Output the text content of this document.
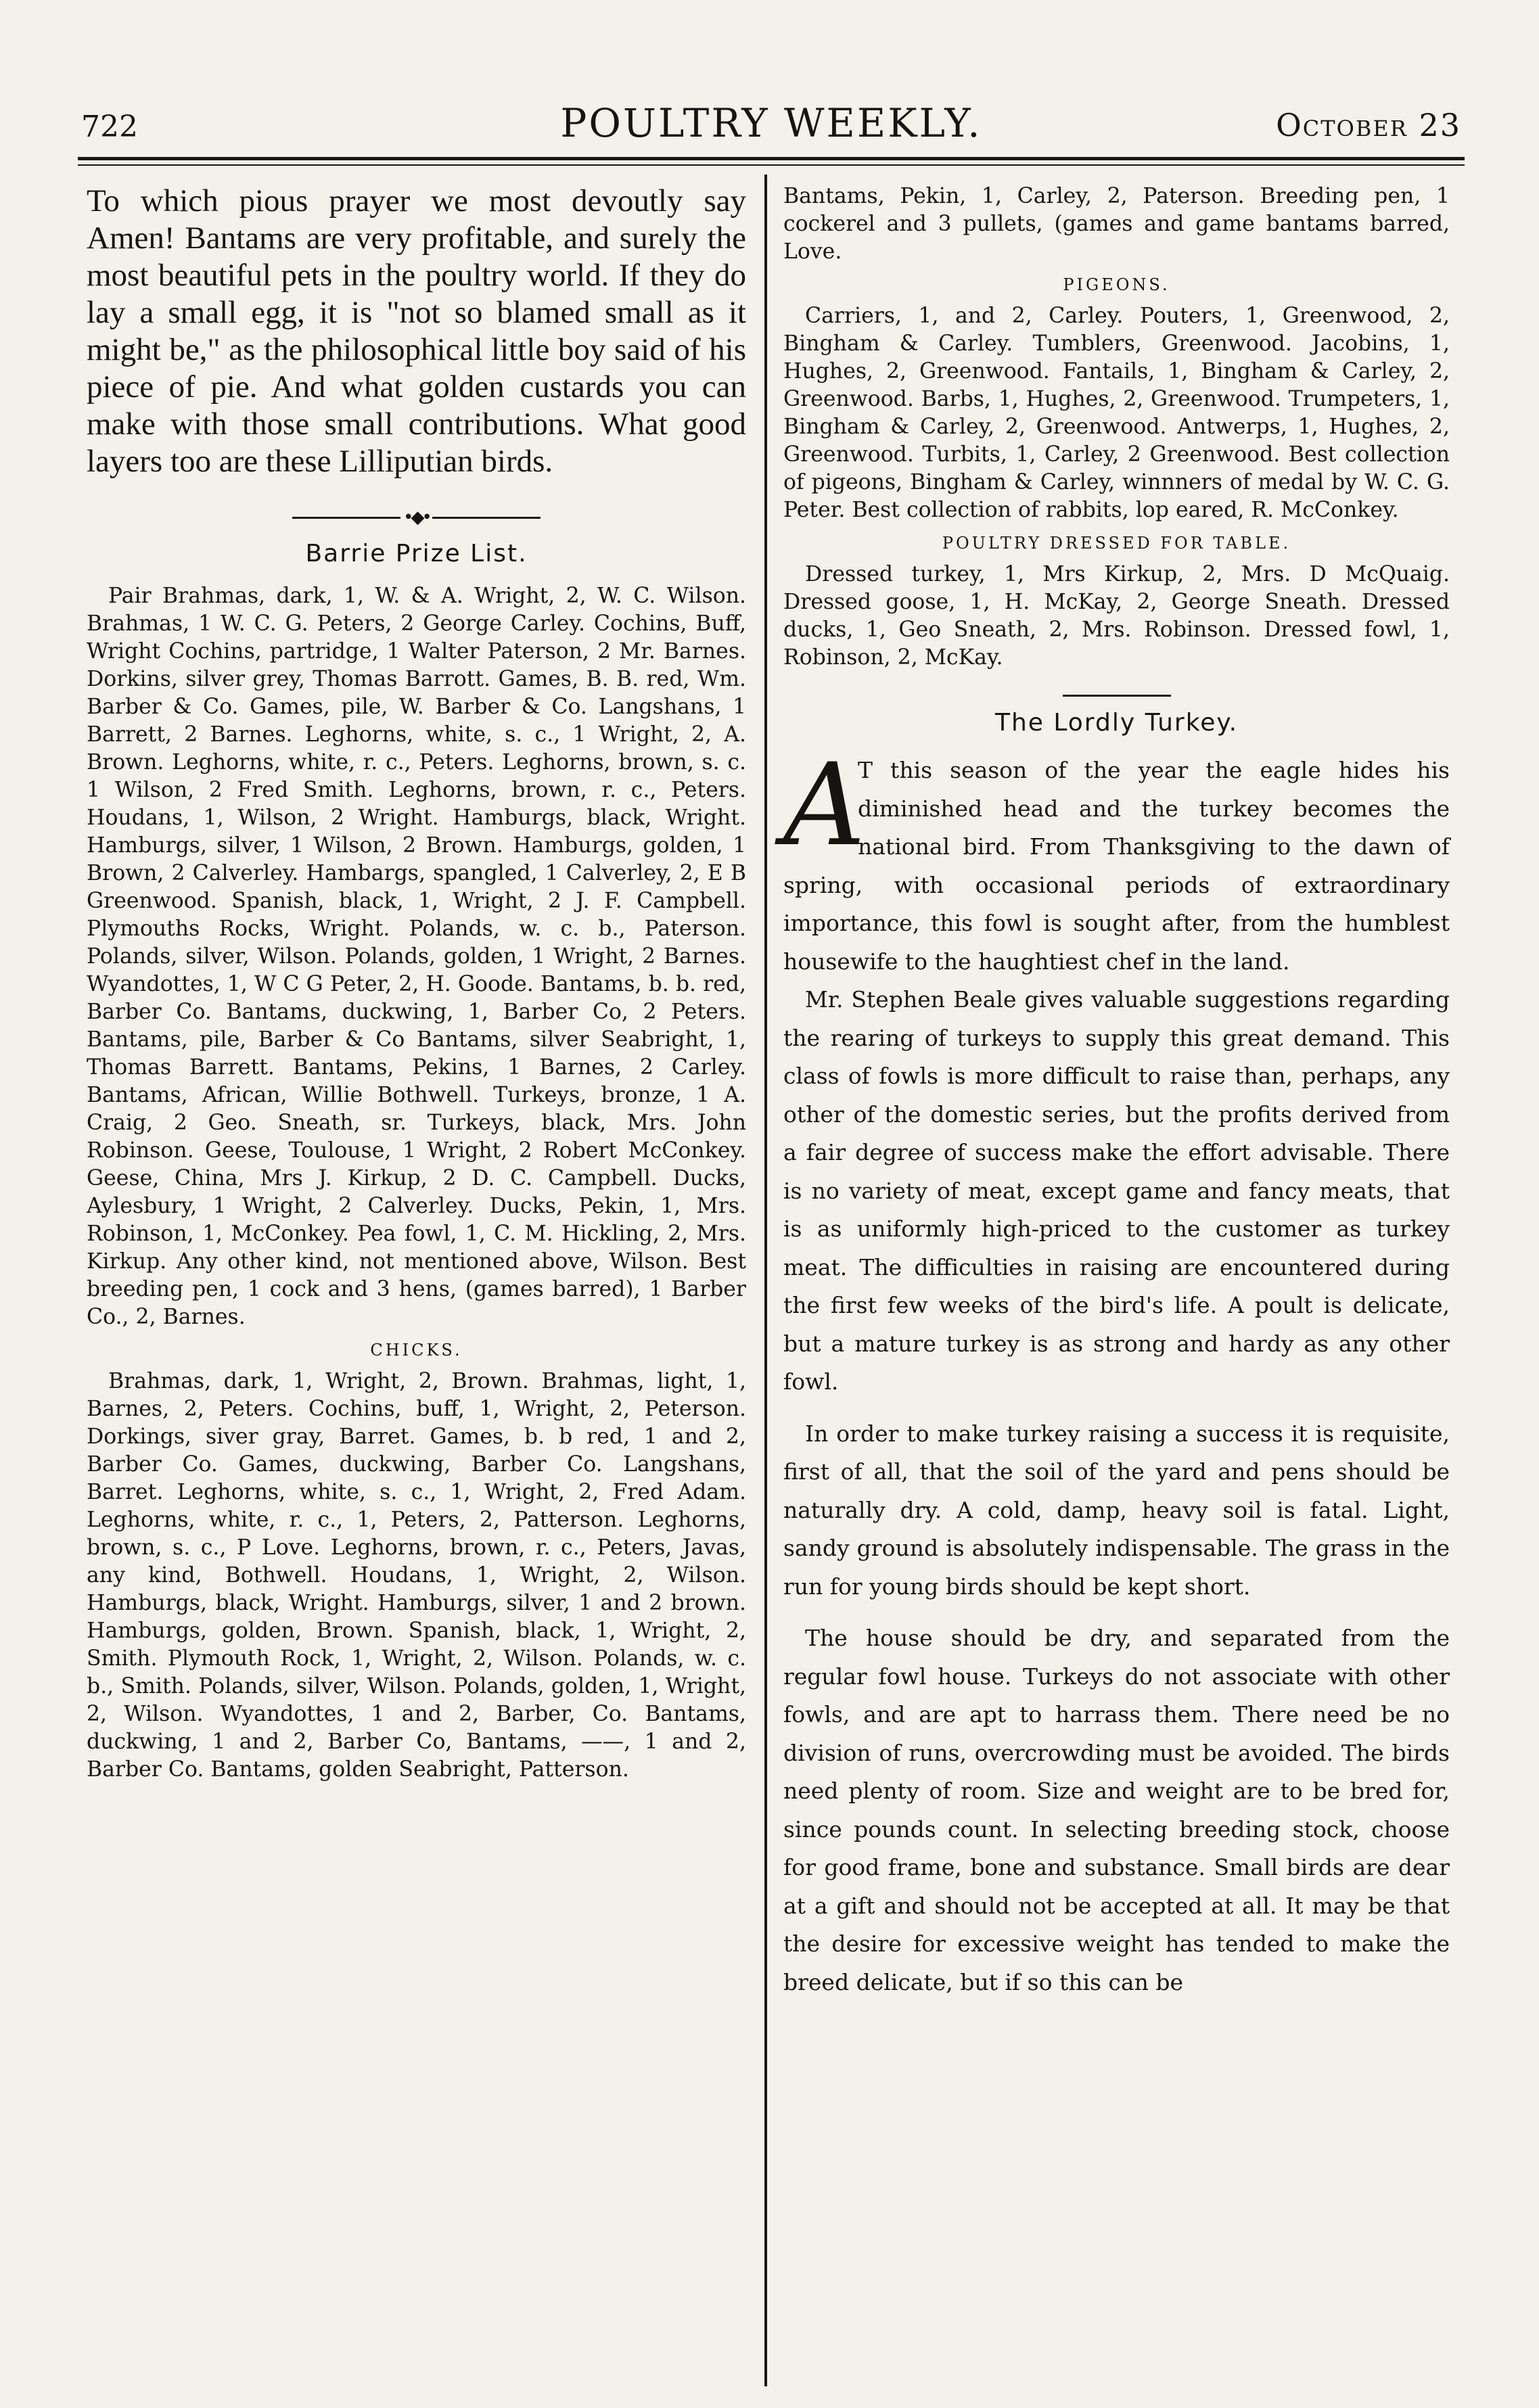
722	POULTRY WEEKLY.	October 23

To which pious prayer we most devoutly say Amen! Bantams are very profitable, and surely the most beautiful pets in the poultry world. If they do lay a small egg, it is "not so blamed small as it might be," as the philosophical little boy said of his piece of pie. And what golden custards you can make with those small contributions. What good layers too are these Lilliputian birds.

•◆•
Barrie Prize List.

Pair Brahmas, dark, 1, W. & A. Wright, 2, W. C. Wilson. Brahmas, 1 W. C. G. Peters, 2 George Carley. Cochins, Buff, Wright Cochins, partridge, 1 Walter Paterson, 2 Mr. Barnes. Dorkins, silver grey, Thomas Barrott. Games, B. B. red, Wm. Barber & Co. Games, pile, W. Barber & Co. Langshans, 1 Barrett, 2 Barnes. Leghorns, white, s. c., 1 Wright, 2, A. Brown. Leghorns, white, r. c., Peters. Leghorns, brown, s. c. 1 Wilson, 2 Fred Smith. Leghorns, brown, r. c., Peters. Houdans, 1, Wilson, 2 Wright. Hamburgs, black, Wright. Hamburgs, silver, 1 Wilson, 2 Brown. Hamburgs, golden, 1 Brown, 2 Calverley. Hambargs, spangled, 1 Calverley, 2, E B Greenwood. Spanish, black, 1, Wright, 2 J. F. Campbell. Plymouths Rocks, Wright. Polands, w. c. b., Paterson. Polands, silver, Wilson. Polands, golden, 1 Wright, 2 Barnes. Wyandottes, 1, W C G Peter, 2, H. Goode. Bantams, b. b. red, Barber Co. Bantams, duckwing, 1, Barber Co, 2 Peters. Bantams, pile, Barber & Co Bantams, silver Seabright, 1, Thomas Barrett. Bantams, Pekins, 1 Barnes, 2 Carley. Bantams, African, Willie Bothwell. Turkeys, bronze, 1 A. Craig, 2 Geo. Sneath, sr. Turkeys, black, Mrs. John Robinson. Geese, Toulouse, 1 Wright, 2 Robert McConkey. Geese, China, Mrs J. Kirkup, 2 D. C. Campbell. Ducks, Aylesbury, 1 Wright, 2 Calverley. Ducks, Pekin, 1, Mrs. Robinson, 1, McConkey. Pea fowl, 1, C. M. Hickling, 2, Mrs. Kirkup. Any other kind, not mentioned above, Wilson. Best breeding pen, 1 cock and 3 hens, (games barred), 1 Barber Co., 2, Barnes.

CHICKS.

Brahmas, dark, 1, Wright, 2, Brown. Brahmas, light, 1, Barnes, 2, Peters. Cochins, buff, 1, Wright, 2, Peterson. Dorkings, siver gray, Barret. Games, b. b red, 1 and 2, Barber Co. Games, duckwing, Barber Co. Langshans, Barret. Leghorns, white, s. c., 1, Wright, 2, Fred Adam. Leghorns, white, r. c., 1, Peters, 2, Patterson. Leghorns, brown, s. c., P Love. Leghorns, brown, r. c., Peters, Javas, any kind, Bothwell. Houdans, 1, Wright, 2, Wilson. Hamburgs, black, Wright. Hamburgs, silver, 1 and 2 brown. Hamburgs, golden, Brown. Spanish, black, 1, Wright, 2, Smith. Plymouth Rock, 1, Wright, 2, Wilson. Polands, w. c. b., Smith. Polands, silver, Wilson. Polands, golden, 1, Wright, 2, Wilson. Wyandottes, 1 and 2, Barber, Co. Bantams, duckwing, 1 and 2, Barber Co, Bantams, ——, 1 and 2, Barber Co. Bantams, golden Seabright, Patterson.

Bantams, Pekin, 1, Carley, 2, Paterson. Breeding pen, 1 cockerel and 3 pullets, (games and game bantams barred, Love.

PIGEONS.

Carriers, 1, and 2, Carley. Pouters, 1, Greenwood, 2, Bingham & Carley. Tumblers, Greenwood. Jacobins, 1, Hughes, 2, Greenwood. Fantails, 1, Bingham & Carley, 2, Greenwood. Barbs, 1, Hughes, 2, Greenwood. Trumpeters, 1, Bingham & Carley, 2, Greenwood. Antwerps, 1, Hughes, 2, Greenwood. Turbits, 1, Carley, 2 Greenwood. Best collection of pigeons, Bingham & Carley, winnners of medal by W. C. G. Peter. Best collection of rabbits, lop eared, R. McConkey.

POULTRY DRESSED FOR TABLE.

Dressed turkey, 1, Mrs Kirkup, 2, Mrs. D McQuaig. Dressed goose, 1, H. McKay, 2, George Sneath. Dressed ducks, 1, Geo Sneath, 2, Mrs. Robinson. Dressed fowl, 1, Robinson, 2, McKay.

The Lordly Turkey.
A

T this season of the year the eagle hides his diminished head and the turkey becomes the national bird. From Thanksgiving to the dawn of spring, with occasional periods of extraordinary importance, this fowl is sought after, from the humblest housewife to the haughtiest chef in the land.

Mr. Stephen Beale gives valuable suggestions regarding the rearing of turkeys to supply this great demand. This class of fowls is more difficult to raise than, perhaps, any other of the domestic series, but the profits derived from a fair degree of success make the effort advisable. There is no variety of meat, except game and fancy meats, that is as uniformly high-priced to the customer as turkey meat. The difficulties in raising are encountered during the first few weeks of the bird's life. A poult is delicate, but a mature turkey is as strong and hardy as any other fowl.

In order to make turkey raising a success it is requisite, first of all, that the soil of the yard and pens should be naturally dry. A cold, damp, heavy soil is fatal. Light, sandy ground is absolutely indispensable. The grass in the run for young birds should be kept short.

The house should be dry, and separated from the regular fowl house. Turkeys do not associate with other fowls, and are apt to harrass them. There need be no division of runs, overcrowding must be avoided. The birds need plenty of room. Size and weight are to be bred for, since pounds count. In selecting breeding stock, choose for good frame, bone and substance. Small birds are dear at a gift and should not be accepted at all. It may be that the desire for excessive weight has tended to make the breed delicate, but if so this can be
